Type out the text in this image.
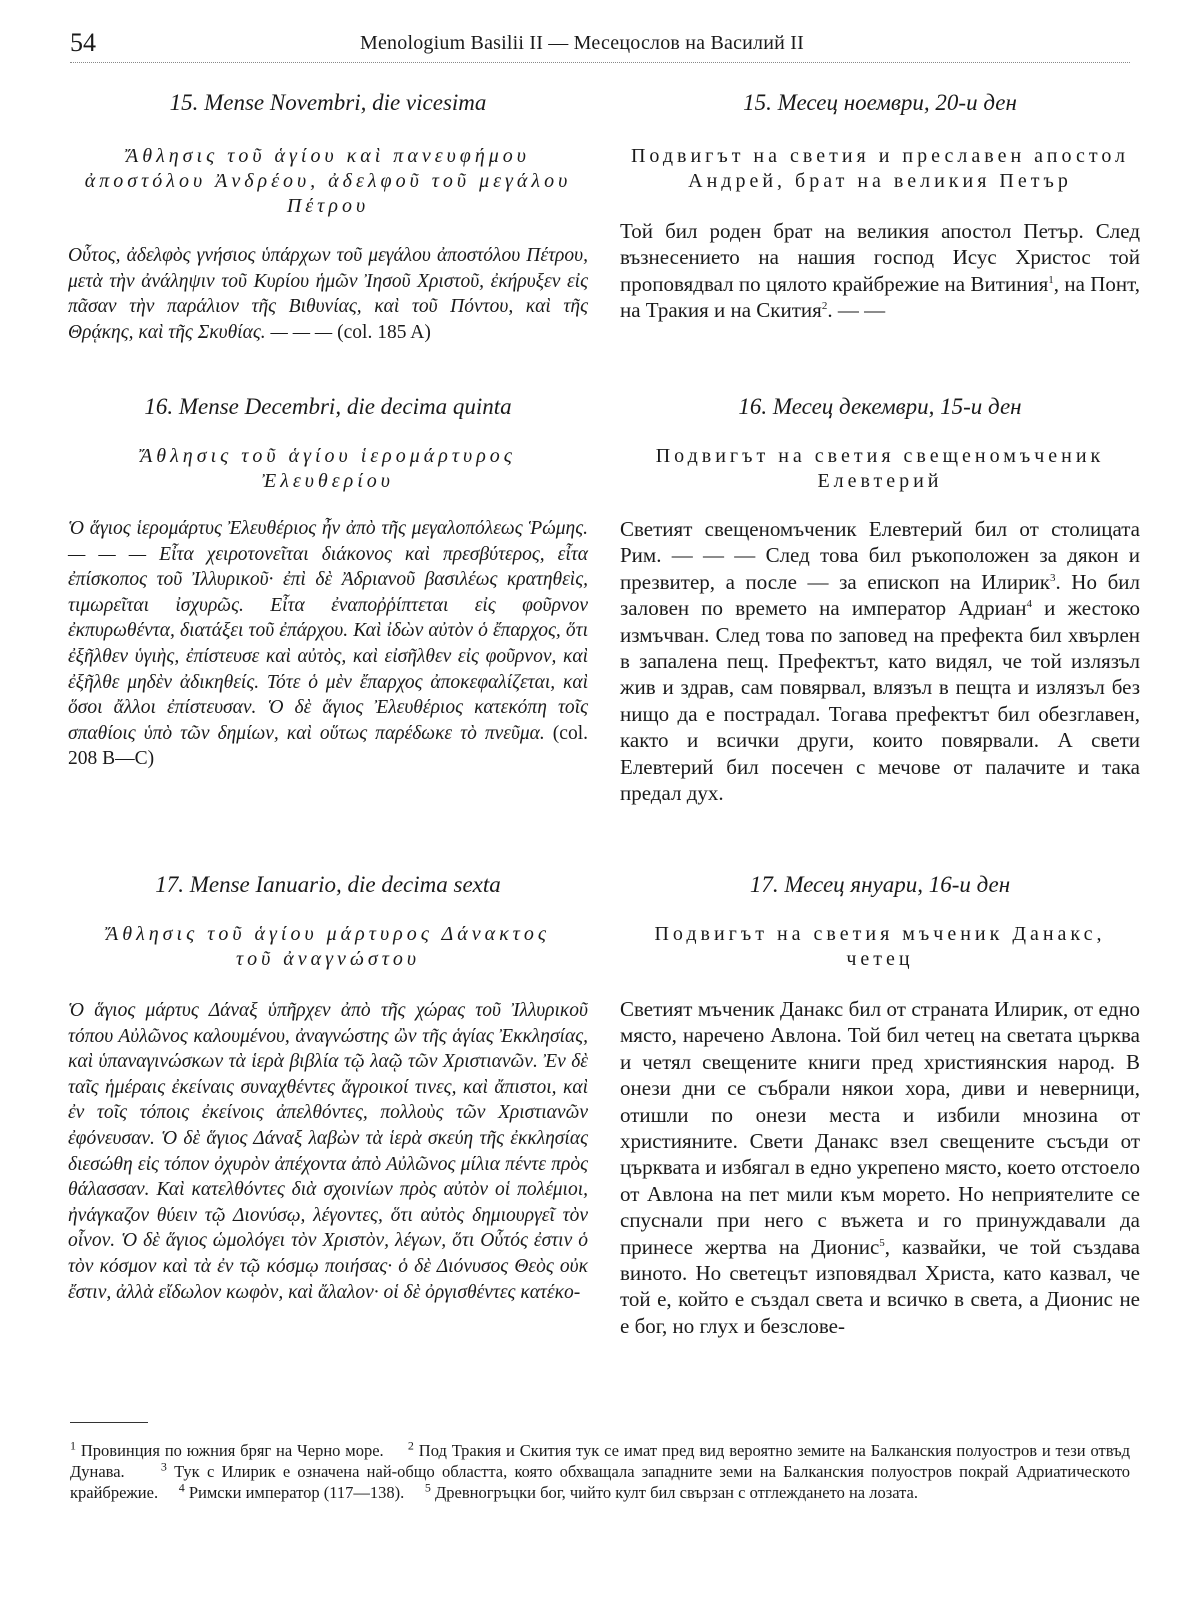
54	Menologium Basilii II — Месецослов на Василий II

15. Mense Novembri, die vicesima

Ἄθλησις τοῦ ἁγίου καὶ πανευφήμου ἀποστόλου Ἀνδρέου, ἀδελφοῦ τοῦ μεγάλου Πέτρου

Οὗτος, ἀδελφὸς γνήσιος ὑπάρχων τοῦ μεγάλου ἀποστόλου Πέτρου, μετὰ τὴν ἀνάληψιν τοῦ Κυρίου ἡμῶν Ἰησοῦ Χριστοῦ, ἐκήρυξεν εἰς πᾶσαν τὴν παράλιον τῆς Βιθυνίας, καὶ τοῦ Πόντου, καὶ τῆς Θρᾴκης, καὶ τῆς Σκυθίας. — — — (col. 185 A)

16. Mense Decembri, die decima quinta

Ἄθλησις τοῦ ἁγίου ἱερομάρτυρος Ἐλευθερίου

Ὁ ἅγιος ἱερομάρτυς Ἐλευθέριος ἦν ἀπὸ τῆς μεγαλοπόλεως Ῥώμης. — — — Εἶτα χειροτονεῖται διάκονος καὶ πρεσβύτερος, εἶτα ἐπίσκοπος τοῦ Ἰλλυρικοῦ· ἐπὶ δὲ Ἀδριανοῦ βασιλέως κρατηθεὶς, τιμωρεῖται ἰσχυρῶς. Εἶτα ἐναποῤῥίπτεται εἰς φοῦρνον ἐκπυρωθέντα, διατάξει τοῦ ἐπάρχου. Καὶ ἰδὼν αὐτὸν ὁ ἔπαρχος, ὅτι ἐξῆλθεν ὑγιὴς, ἐπίστευσε καὶ αὐτὸς, καὶ εἰσῆλθεν εἰς φοῦρνον, καὶ ἐξῆλθε μηδὲν ἀδικηθείς. Τότε ὁ μὲν ἔπαρχος ἀποκεφαλίζεται, καὶ ὅσοι ἄλλοι ἐπίστευσαν. Ὁ δὲ ἅγιος Ἐλευθέριος κατεκόπη τοῖς σπαθίοις ὑπὸ τῶν δημίων, καὶ οὕτως παρέδωκε τὸ πνεῦμα. (col. 208 B—C)

17. Mense Ianuario, die decima sexta

Ἄθλησις τοῦ ἁγίου μάρτυρος Δάνακτος τοῦ ἀναγνώστου

Ὁ ἅγιος μάρτυς Δάναξ ὑπῆρχεν ἀπὸ τῆς χώρας τοῦ Ἰλλυρικοῦ τόπου Αὐλῶνος καλουμένου, ἀναγνώστης ὢν τῆς ἁγίας Ἐκκλησίας, καὶ ὑπαναγινώσκων τὰ ἱερὰ βιβλία τῷ λαῷ τῶν Χριστιανῶν. Ἐν δὲ ταῖς ἡμέραις ἐκείναις συναχθέντες ἄγροικοί τινες, καὶ ἄπιστοι, καὶ ἐν τοῖς τόποις ἐκείνοις ἀπελθόντες, πολλοὺς τῶν Χριστιανῶν ἐφόνευσαν. Ὁ δὲ ἅγιος Δάναξ λαβὼν τὰ ἱερὰ σκεύη τῆς ἐκκλησίας διεσώθη εἰς τόπον ὀχυρὸν ἀπέχοντα ἀπὸ Αὐλῶνος μίλια πέντε πρὸς θάλασσαν. Καὶ κατελθόντες διὰ σχοινίων πρὸς αὐτὸν οἱ πολέμιοι, ἠνάγκαζον θύειν τῷ Διονύσῳ, λέγοντες, ὅτι αὐτὸς δημιουργεῖ τὸν οἶνον. Ὁ δὲ ἅγιος ὡμολόγει τὸν Χριστὸν, λέγων, ὅτι Οὗτός ἐστιν ὁ τὸν κόσμον καὶ τὰ ἐν τῷ κόσμῳ ποιήσας· ὁ δὲ Διόνυσος Θεὸς οὐκ ἔστιν, ἀλλὰ εἴδωλον κωφὸν, καὶ ἄλαλον· οἱ δὲ ὀργισθέντες κατέκο-

15. Месец ноември, 20-и ден

Подвигът на светия и преславен апостол Андрей, брат на великия Петър

Той бил роден брат на великия апостол Петър. След възнесението на нашия господ Исус Христос той проповядвал по цялото крайбрежие на Витиния$^1$, на Понт, на Тракия и на Скития$^2$. — —

16. Месец декември, 15-и ден

Подвигът на светия свещеномъченик Елевтерий

Светият свещеномъченик Елевтерий бил от столицата Рим. — — — След това бил ръкоположен за дякон и презвитер, а после — за епископ на Илирик$^3$. Но бил заловен по времето на император Адриан$^4$ и жестоко измъчван. След това по заповед на префекта бил хвърлен в запалена пещ. Префектът, като видял, че той излязъл жив и здрав, сам повярвал, влязъл в пещта и излязъл без нищо да е пострадал. Тогава префектът бил обезглавен, както и всички други, които повярвали. А свети Елевтерий бил посечен с мечове от палачите и така предал дух.

17. Месец януари, 16-и ден

Подвигът на светия мъченик Данакс, четец

Светият мъченик Данакс бил от страната Илирик, от едно място, наречено Авлона. Той бил четец на светата църква и четял свещените книги пред християнския народ. В онези дни се събрали някои хора, диви и неверници, отишли по онези места и избили мнозина от християните. Свети Данакс взел свещените съсъди от църквата и избягал в едно укрепено място, което отстоело от Авлона на пет мили към морето. Но неприятелите се спуснали при него с въжета и го принуждавали да принесе жертва на Дионис$^5$, казвайки, че той създава виното. Но светецът изповядвал Христа, като казвал, че той е, който е създал света и всичко в света, а Дионис не е бог, но глух и безслове-

$^1$ Провинция по южния бряг на Черно море. $^2$ Под Тракия и Скития тук се имат пред вид вероятно земите на Балканския полуостров и тези отвъд Дунава.	$^3$ Тук с Илирик е означена най-общо областта, която обхващала западните земи на Балканския полуостров покрай Адриатическото крайбрежие. $^4$ Римски император (117—138). $^5$ Древногръцки бог, чийто култ бил свързан с отглеждането на лозата.
